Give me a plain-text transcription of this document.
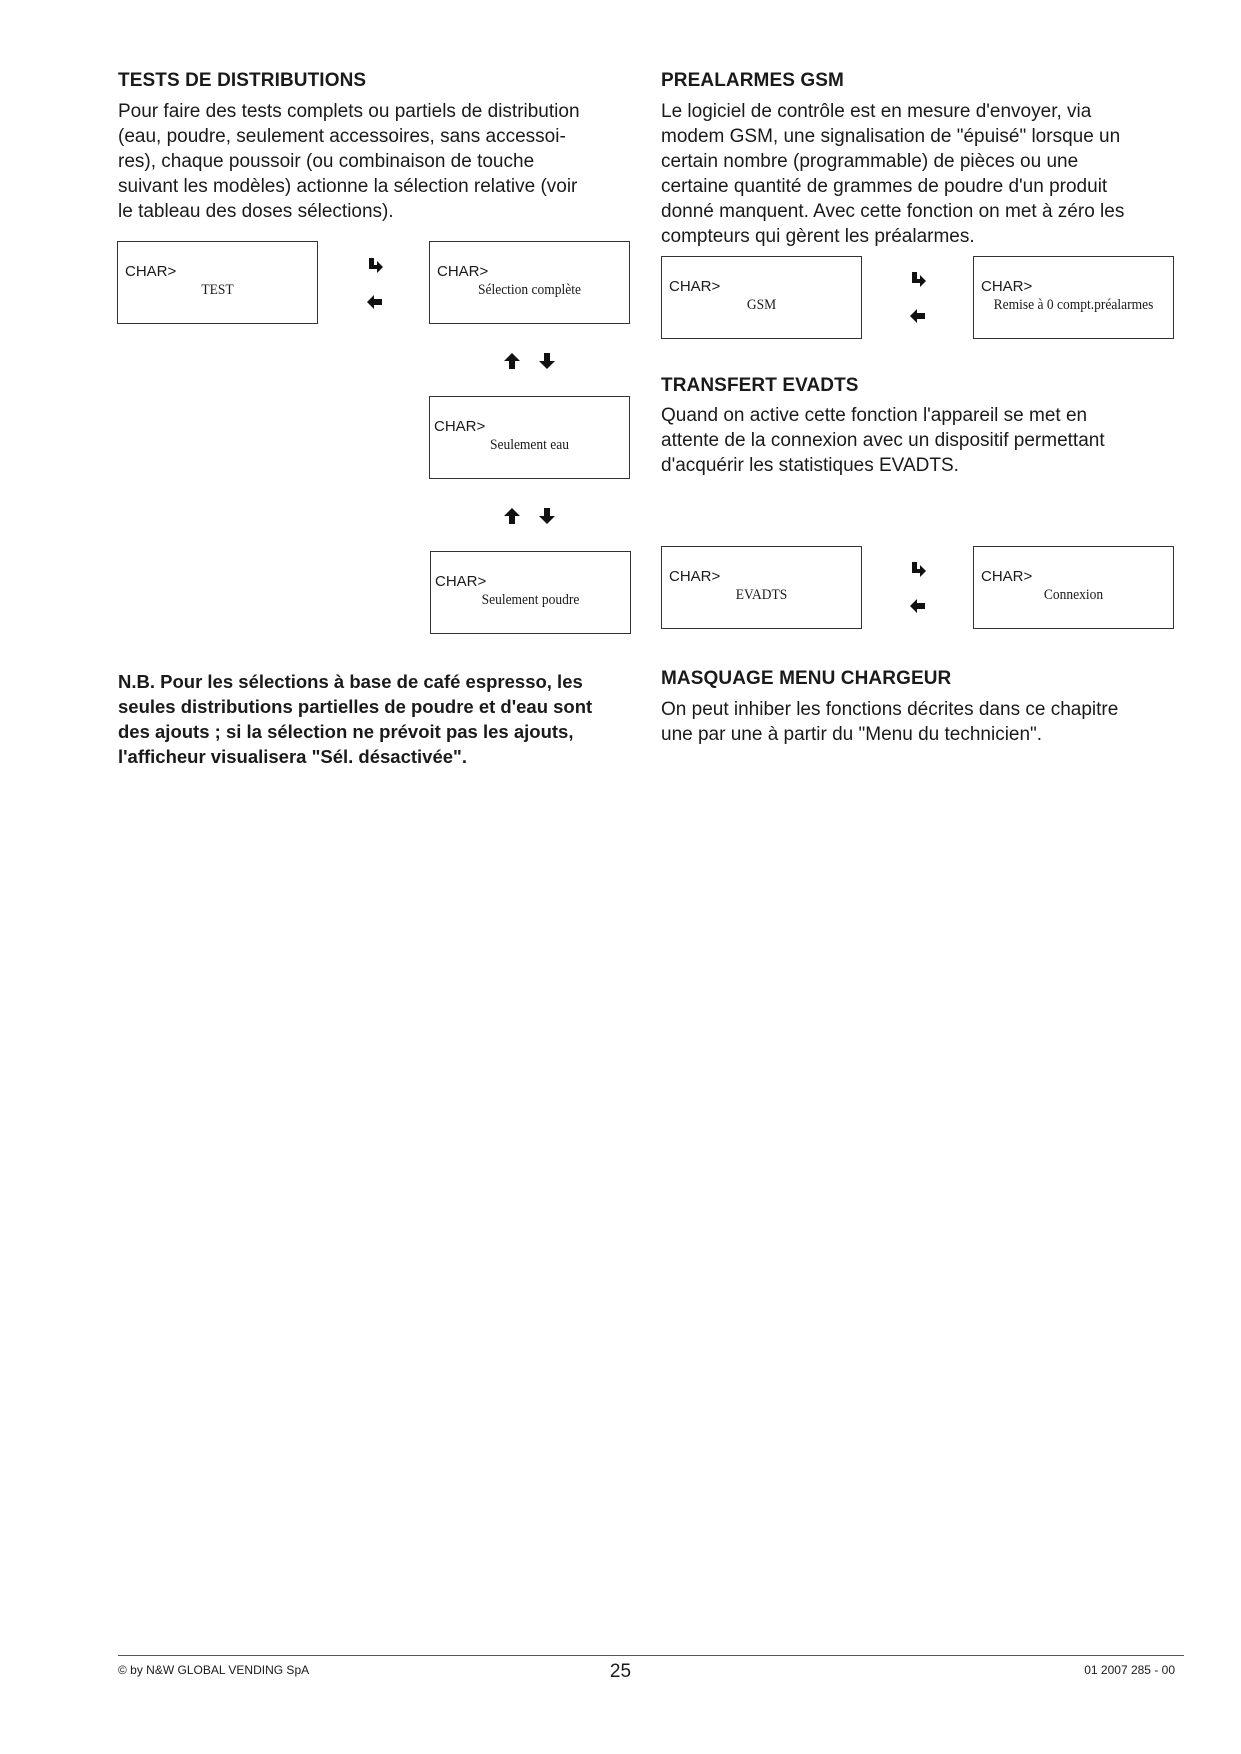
TESTS DE DISTRIBUTIONS

Pour faire des tests complets ou partiels de distribution
(eau, poudre, seulement accessoires, sans accessoi-
res), chaque poussoir (ou combinaison de touche
suivant les modèles) actionne la sélection relative (voir
le tableau des doses sélections).

CHAR>
TEST
CHAR>
Sélection complète
CHAR>
Seulement eau
CHAR>
Seulement poudre

N.B. Pour les sélections à base de café espresso, les
seules distributions partielles de poudre et d'eau sont
des ajouts ; si la sélection ne prévoit pas les ajouts,
l'afficheur visualisera "Sél. désactivée".

PREALARMES GSM

Le logiciel de contrôle est en mesure d'envoyer, via
modem GSM, une signalisation de "épuisé" lorsque un
certain nombre (programmable) de pièces ou une
certaine quantité de grammes de poudre d'un produit
donné manquent. Avec cette fonction on met à zéro les
compteurs qui gèrent les préalarmes.

CHAR>
GSM
CHAR>
Remise à 0 compt.préalarmes
TRANSFERT EVADTS

Quand on active cette fonction l'appareil se met en
attente de la connexion avec un dispositif permettant
d'acquérir les statistiques EVADTS.

CHAR>
EVADTS
CHAR>
Connexion
MASQUAGE MENU CHARGEUR

On peut inhiber les fonctions décrites dans ce chapitre
une par une à partir du "Menu du technicien".

© by N&W GLOBAL VENDING SpA	25	01 2007 285 - 00
